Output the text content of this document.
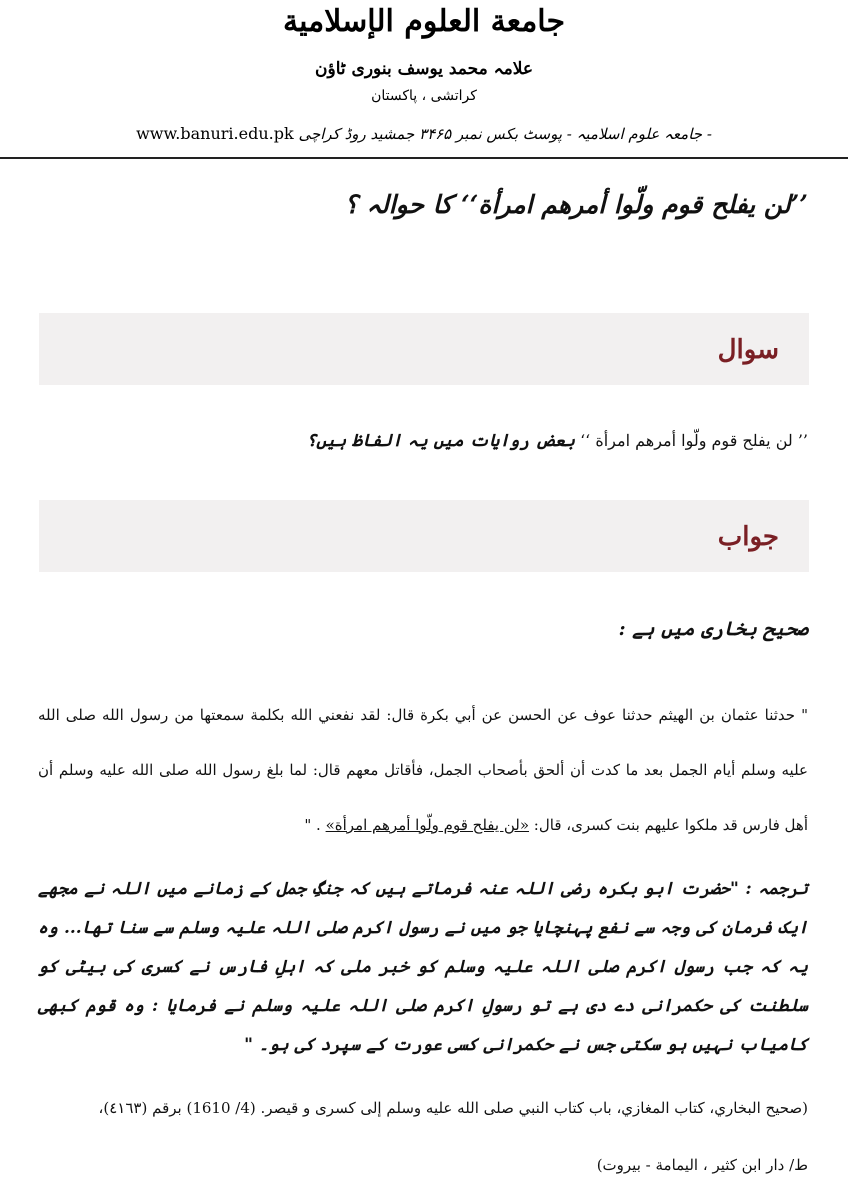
جامعة العلوم الإسلامية
علامہ محمد یوسف بنوری ٹاؤن
کراتشی ، پاکستان
www.banuri.edu.pk جامعہ علوم اسلامیہ - پوسٹ بکس نمبر ۳۴۶۵ جمشید روڈ کراچی -
’’لن یفلح قوم ولّوا أمرهم امرأة‘‘ کا حوالہ ؟
سوال
’’ لن يفلح قوم ولّوا أمرهم امرأة ‘‘ بعض روایات میں یہ الفاظ ہیں؟
جواب
صحیح بخاری میں ہے :
" حدثنا عثمان بن الهيثم حدثنا عوف عن الحسن عن أبي بكرة قال: لقد نفعني الله بكلمة سمعتها من رسول الله صلى الله عليه وسلم أيام الجمل بعد ما كدت أن ألحق بأصحاب الجمل، فأقاتل معهم قال: لما بلغ رسول الله صلى الله عليه وسلم أن أهل فارس قد ملكوا عليهم بنت كسرى، قال: «لن يفلح قوم ولّوا أمرهم امرأة» . "
ترجمہ : "حضرت ابو بکرہ رضی اللہ عنہ فرماتے ہیں کہ جنگِ جمل کے زمانے میں اللہ نے مجھے ایک فرمان کی وجہ سے نفع پہنچایا جو میں نے رسول اکرم صلی اللہ علیہ وسلم سے سنا تھا... وہ یہ کہ جب رسول اکرم صلی اللہ علیہ وسلم کو خبر ملی کہ اہلِ فارس نے کسری کی بیٹی کو سلطنت کی حکمرانی دے دی ہے تو رسولِ اکرم صلی اللہ علیہ وسلم نے فرمایا : وہ قوم کبھی کامیاب نہیں ہو سکتی جس نے حکمرانی کسی عورت کے سپرد کی ہو۔ "
(صحيح البخاري، كتاب المغازي، باب كتاب النبي صلى الله عليه وسلم إلى كسرى و قيصر. (4/ 1610) برقم (٤١٦٣)،
ط/ دار ابن كثير ، اليمامة - بيروت)
